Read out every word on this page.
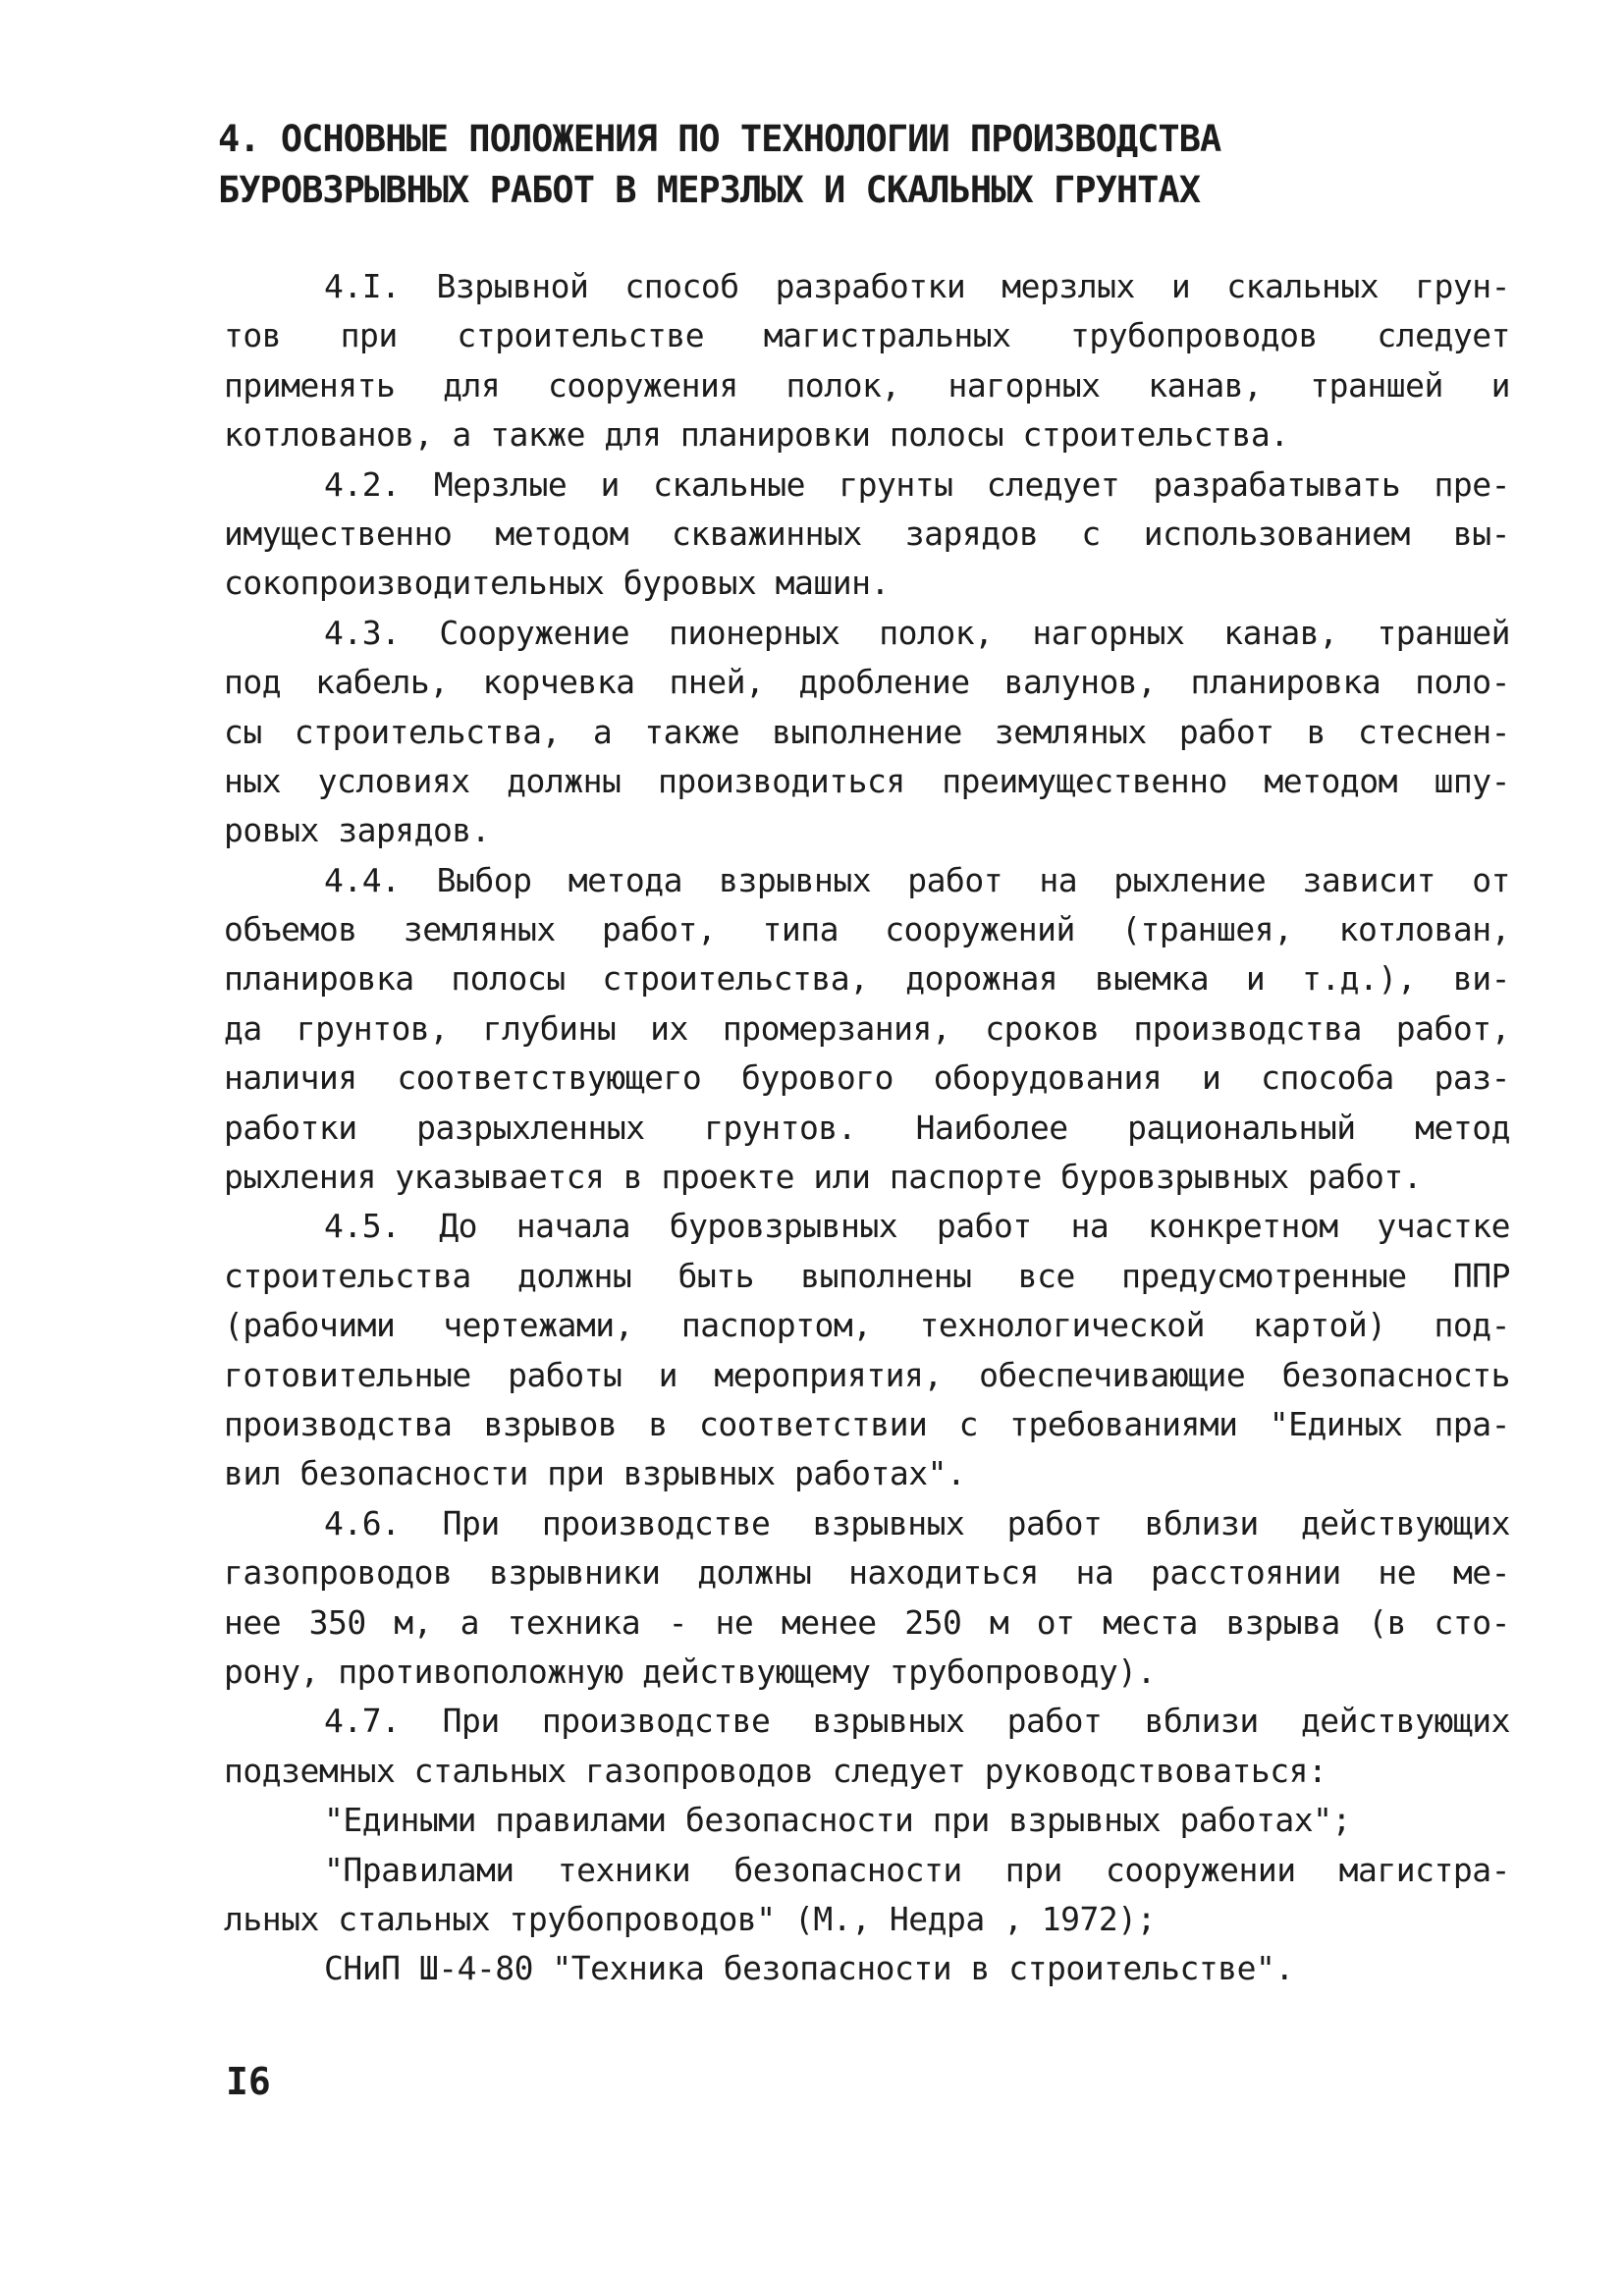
4. ОСНОВНЫЕ ПОЛОЖЕНИЯ ПО ТЕХНОЛОГИИ ПРОИЗВОДСТВА
БУРОВЗРЫВНЫХ РАБОТ В МЕРЗЛЫХ И СКАЛЬНЫХ ГРУНТАХ
4.I. Взрывной способ разработки мерзлых и скальных грун-
тов при строительстве магистральных трубопроводов следует
применять для сооружения полок, нагорных канав, траншей и
котлованов, а также для планировки полосы строительства.
4.2. Мерзлые и скальные грунты следует разрабатывать пре-
имущественно методом скважинных зарядов с использованием вы-
сокопроизводительных буровых машин.
4.3. Сооружение пионерных полок, нагорных канав, траншей
под кабель, корчевка пней, дробление валунов, планировка поло-
сы строительства, а также выполнение земляных работ в стеснен-
ных условиях должны производиться преимущественно методом шпу-
ровых зарядов.
4.4. Выбор метода взрывных работ на рыхление зависит от
объемов земляных работ, типа сооружений (траншея, котлован,
планировка полосы строительства, дорожная выемка и т.д.), ви-
да грунтов, глубины их промерзания, сроков производства работ,
наличия соответствующего бурового оборудования и способа раз-
работки разрыхленных грунтов. Наиболее рациональный метод
рыхления указывается в проекте или паспорте буровзрывных работ.
4.5. До начала буровзрывных работ на конкретном участке
строительства должны быть выполнены все предусмотренные ППР
(рабочими чертежами, паспортом, технологической картой) под-
готовительные работы и мероприятия, обеспечивающие безопасность
производства взрывов в соответствии с требованиями "Единых пра-
вил безопасности при взрывных работах".
4.6. При производстве взрывных работ вблизи действующих
газопроводов взрывники должны находиться на расстоянии не ме-
нее 350 м, а техника - не менее 250 м от места взрыва (в сто-
рону, противоположную действующему трубопроводу).
4.7. При производстве взрывных работ вблизи действующих
подземных стальных газопроводов следует руководствоваться:
"Едиными правилами безопасности при взрывных работах";
"Правилами техники безопасности при сооружении магистра-
льных стальных трубопроводов" (М., Недра , 1972);
СНиП Ш-4-80 "Техника безопасности в строительстве".
I6
